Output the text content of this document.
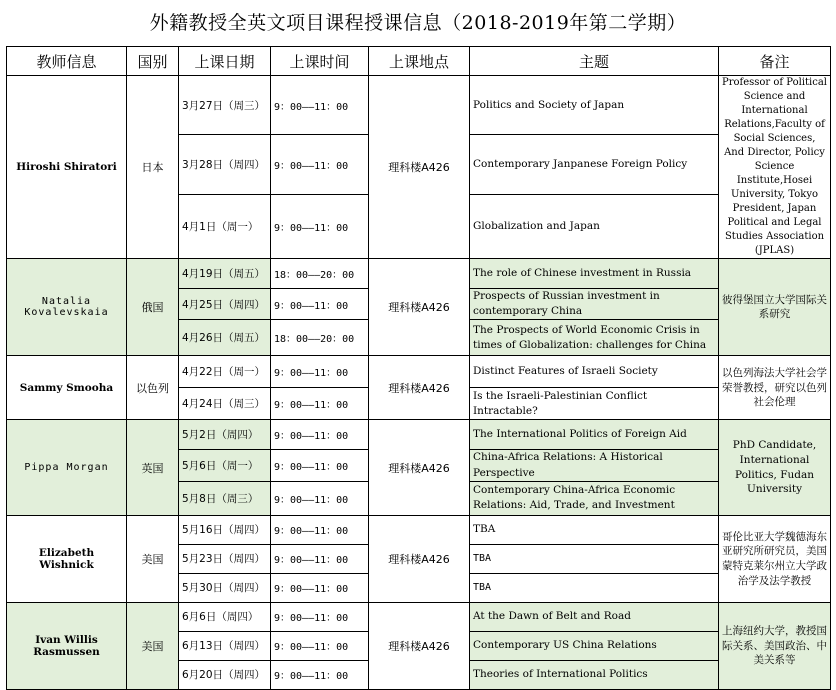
外籍教授全英文项目课程授课信息（2018-2019年第二学期）
教师信息	国别	上课日期	上课时间	上课地点	主题	备注
Hiroshi Shiratori	日本	3月27日（周三）	9：00——11：00	理科楼A426	Politics and Society of Japan	Professor of Political Science and International Relations,Faculty of Social Sciences, And Director, Policy Science Institute,Hosei University, Tokyo President, Japan Political and Legal Studies Association (JPLAS)
		3月28日（周四）	9：00——11：00		Contemporary Janpanese Foreign Policy	
		4月1日（周一）	9：00——11：00		Globalization and Japan	
Natalia Kovalevskaia	俄国	4月19日（周五）	18：00——20：00	理科楼A426	The role of Chinese investment in Russia	彼得堡国立大学国际关系研究
		4月25日（周四）	9：00——11：00		Prospects of Russian investment in contemporary China	
		4月26日（周五）	18：00——20：00		The Prospects of World Economic Crisis in times of Globalization: challenges for China	
Sammy Smooha	以色列	4月22日（周一）	9：00——11：00	理科楼A426	Distinct Features of Israeli Society	以色列海法大学社会学荣誉教授，研究以色列社会伦理
		4月24日（周三）	9：00——11：00		Is the Israeli-Palestinian Conflict Intractable?	
Pippa Morgan	英国	5月2日（周四）	9：00——11：00	理科楼A426	The International Politics of Foreign Aid	PhD Candidate, International Politics, Fudan University
		5月6日（周一）	9：00——11：00		China-Africa Relations: A Historical Perspective	
		5月8日（周三）	9：00——11：00		Contemporary China-Africa Economic Relations: Aid, Trade, and Investment	
Elizabeth Wishnick	美国	5月16日（周四）	9：00——11：00	理科楼A426	TBA	哥伦比亚大学魏德海东亚研究所研究员，美国蒙特克莱尔州立大学政治学及法学教授
		5月23日（周四）	9：00——11：00		TBA	
		5月30日（周四）	9：00——11：00		TBA	
Ivan Willis Rasmussen	美国	6月6日（周四）	9：00——11：00	理科楼A426	At the Dawn of Belt and Road	上海纽约大学，教授国际关系、美国政治、中美关系等
		6月13日（周四）	9：00——11：00		Contemporary US China Relations	
		6月20日（周四）	9：00——11：00		Theories of International Politics	
